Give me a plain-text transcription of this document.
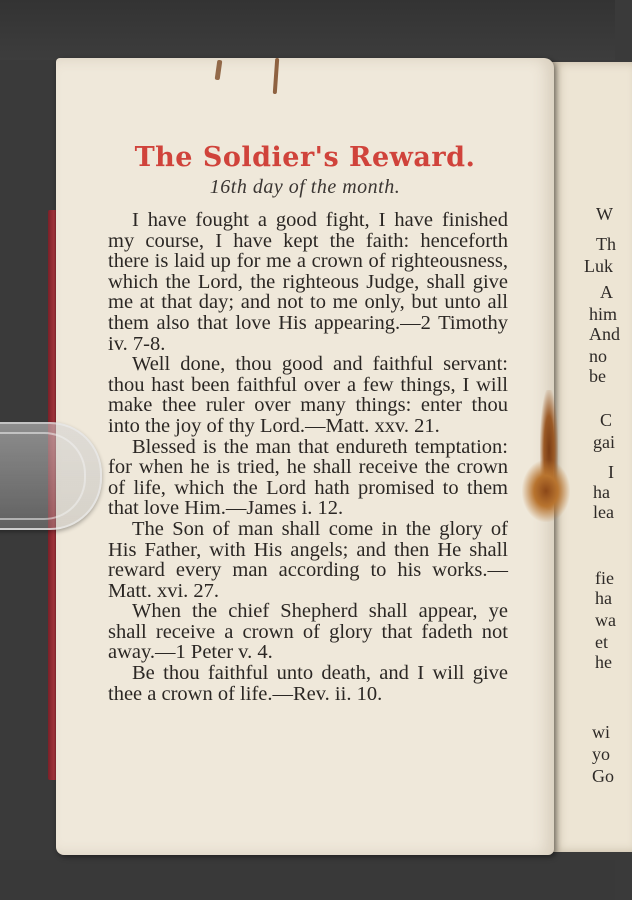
W
Th
Luk
A
him
And
no
be
C
gai
I
ha
lea
fie
ha
wa
et
he
wi
yo
Go
The Soldier's Reward.
16th day of the month.

I have fought a good fight, I have finished my course, I have kept the faith: henceforth there is laid up for me a crown of righteousness, which the Lord, the righteous Judge, shall give me at that day; and not to me only, but unto all them also that love His appearing.—2 Timothy iv. 7-8.

Well done, thou good and faithful servant: thou hast been faithful over a few things, I will make thee ruler over many things: enter thou into the joy of thy Lord.—Matt. xxv. 21.

Blessed is the man that endureth temptation: for when he is tried, he shall receive the crown of life, which the Lord hath promised to them that love Him.—James i. 12.

The Son of man shall come in the glory of His Father, with His angels; and then He shall reward every man according to his works.—Matt. xvi. 27.

When the chief Shepherd shall appear, ye shall receive a crown of glory that fadeth not away.—1 Peter v. 4.

Be thou faithful unto death, and I will give thee a crown of life.—Rev. ii. 10.
